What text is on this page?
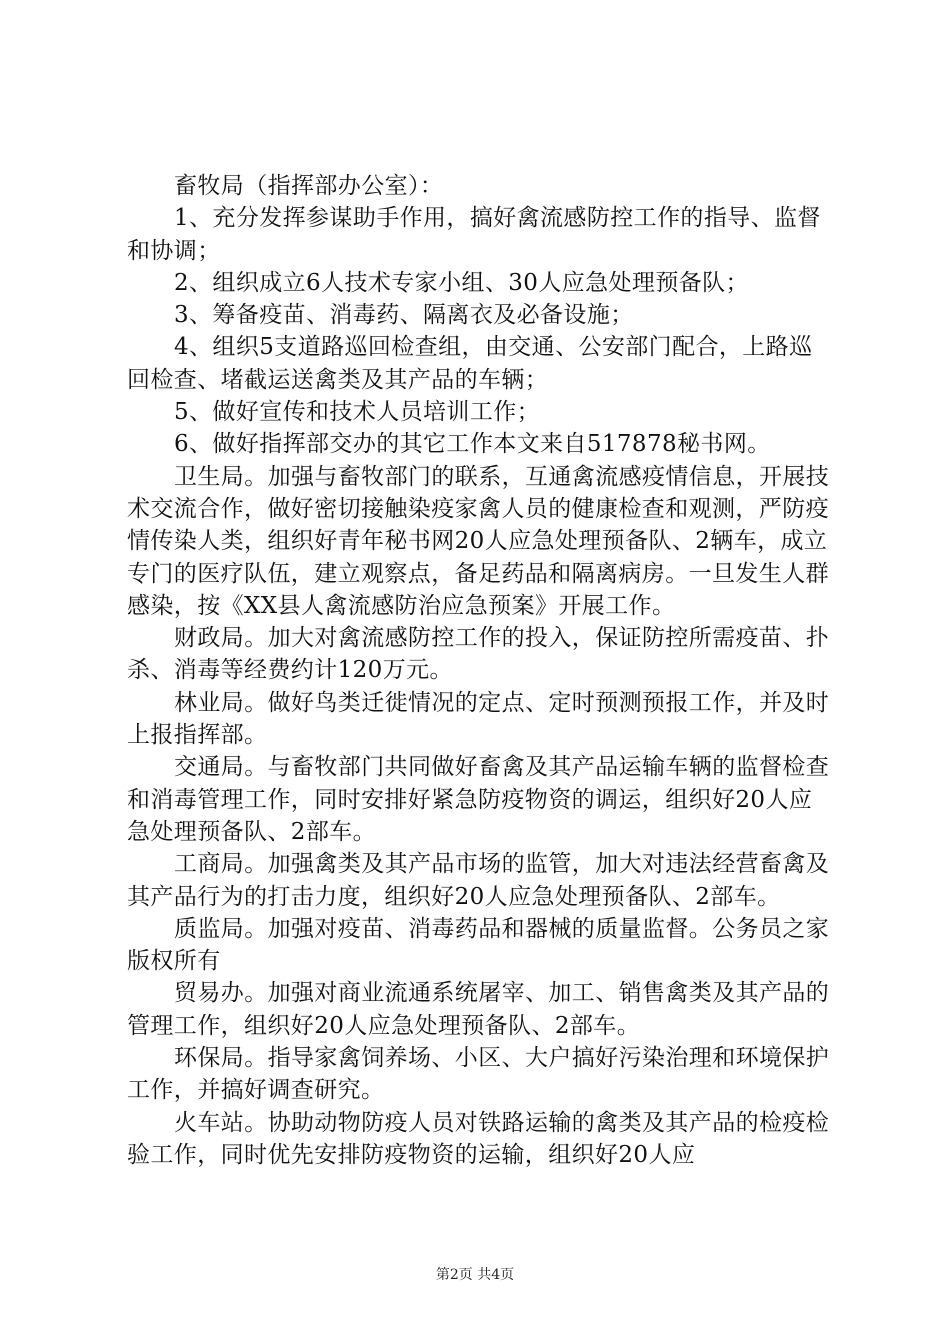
畜牧局（指挥部办公室）：

1、充分发挥参谋助手作用，搞好禽流感防控工作的指导、监督和协调；

2、组织成立6人技术专家小组、30人应急处理预备队；

3、筹备疫苗、消毒药、隔离衣及必备设施；

4、组织5支道路巡回检查组，由交通、公安部门配合，上路巡回检查、堵截运送禽类及其产品的车辆；

5、做好宣传和技术人员培训工作；

6、做好指挥部交办的其它工作本文来自517878秘书网。

卫生局。加强与畜牧部门的联系，互通禽流感疫情信息，开展技术交流合作，做好密切接触染疫家禽人员的健康检查和观测，严防疫情传染人类，组织好青年秘书网20人应急处理预备队、2辆车，成立专门的医疗队伍，建立观察点，备足药品和隔离病房。一旦发生人群感染，按《XX县人禽流感防治应急预案》开展工作。

财政局。加大对禽流感防控工作的投入，保证防控所需疫苗、扑杀、消毒等经费约计120万元。

林业局。做好鸟类迁徙情况的定点、定时预测预报工作，并及时上报指挥部。

交通局。与畜牧部门共同做好畜禽及其产品运输车辆的监督检查和消毒管理工作，同时安排好紧急防疫物资的调运，组织好20人应急处理预备队、2部车。

工商局。加强禽类及其产品市场的监管，加大对违法经营畜禽及其产品行为的打击力度，组织好20人应急处理预备队、2部车。

质监局。加强对疫苗、消毒药品和器械的质量监督。公务员之家版权所有

贸易办。加强对商业流通系统屠宰、加工、销售禽类及其产品的管理工作，组织好20人应急处理预备队、2部车。

环保局。指导家禽饲养场、小区、大户搞好污染治理和环境保护工作，并搞好调查研究。

火车站。协助动物防疫人员对铁路运输的禽类及其产品的检疫检验工作，同时优先安排防疫物资的运输，组织好20人应

第2页 共4页
